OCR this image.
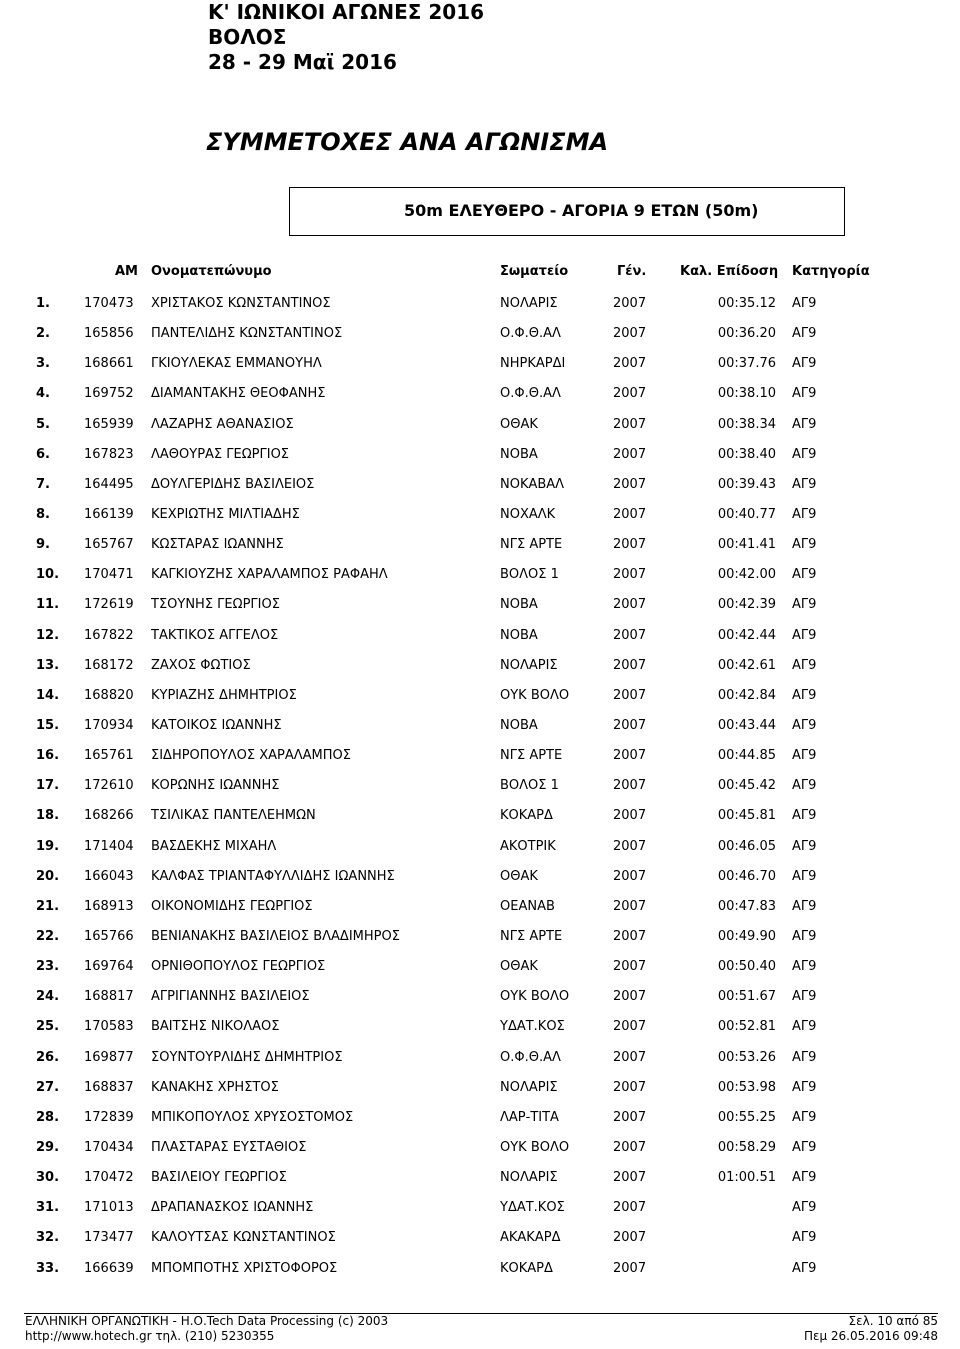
Κ' ΙΩΝΙΚΟΙ ΑΓΩΝΕΣ 2016
ΒΟΛΟΣ
28 - 29 Μαϊ 2016
ΣΥΜΜΕΤΟΧΕΣ ΑΝΑ ΑΓΩΝΙΣΜΑ
50m ΕΛΕΥΘΕΡΟ - ΑΓΟΡΙΑ 9 ΕΤΩΝ (50m)
ΑΜ Ονοματεπώνυμο	Σωματείο	Γέν.	Καλ. Επίδοση Κατηγορία
1.	170473 ΧΡΙΣΤΑΚΟΣ ΚΩΝΣΤΑΝΤΙΝΟΣ	ΝΟΛΑΡΙΣ	2007	00:35.12 ΑΓ9
2.	165856 ΠΑΝΤΕΛΙΔΗΣ ΚΩΝΣΤΑΝΤΙΝΟΣ	Ο.Φ.Θ.ΑΛ	2007	00:36.20 ΑΓ9
3.	168661 ΓΚΙΟΥΛΕΚΑΣ ΕΜΜΑΝΟΥΗΛ	ΝΗΡΚΑΡΔΙ	2007	00:37.76 ΑΓ9
4.	169752 ΔΙΑΜΑΝΤΑΚΗΣ ΘΕΟΦΑΝΗΣ	Ο.Φ.Θ.ΑΛ	2007	00:38.10 ΑΓ9
5.	165939 ΛΑΖΑΡΗΣ ΑΘΑΝΑΣΙΟΣ	ΟΘΑΚ	2007	00:38.34 ΑΓ9
6.	167823 ΛΑΘΟΥΡΑΣ ΓΕΩΡΓΙΟΣ	ΝΟΒΑ	2007	00:38.40 ΑΓ9
7.	164495 ΔΟΥΛΓΕΡΙΔΗΣ ΒΑΣΙΛΕΙΟΣ	ΝΟΚΑΒΑΛ	2007	00:39.43 ΑΓ9
8.	166139 ΚΕΧΡΙΩΤΗΣ ΜΙΛΤΙΑΔΗΣ	ΝΟΧΑΛΚ	2007	00:40.77 ΑΓ9
9.	165767 ΚΩΣΤΑΡΑΣ ΙΩΑΝΝΗΣ	ΝΓΣ ΑΡΤΕ	2007	00:41.41 ΑΓ9
10.	170471 ΚΑΓΚΙΟΥΖΗΣ ΧΑΡΑΛΑΜΠΟΣ ΡΑΦΑΗΛ	ΒΟΛΟΣ 1	2007	00:42.00 ΑΓ9
11.	172619 ΤΣΟΥΝΗΣ ΓΕΩΡΓΙΟΣ	ΝΟΒΑ	2007	00:42.39 ΑΓ9
12.	167822 ΤΑΚΤΙΚΟΣ ΑΓΓΕΛΟΣ	ΝΟΒΑ	2007	00:42.44 ΑΓ9
13.	168172 ΖΑΧΟΣ ΦΩΤΙΟΣ	ΝΟΛΑΡΙΣ	2007	00:42.61 ΑΓ9
14.	168820 ΚΥΡΙΑΖΗΣ ΔΗΜΗΤΡΙΟΣ	ΟΥΚ ΒΟΛΟ	2007	00:42.84 ΑΓ9
15.	170934 ΚΑΤΟΙΚΟΣ ΙΩΑΝΝΗΣ	ΝΟΒΑ	2007	00:43.44 ΑΓ9
16.	165761 ΣΙΔΗΡΟΠΟΥΛΟΣ ΧΑΡΑΛΑΜΠΟΣ	ΝΓΣ ΑΡΤΕ	2007	00:44.85 ΑΓ9
17.	172610 ΚΟΡΩΝΗΣ ΙΩΑΝΝΗΣ	ΒΟΛΟΣ 1	2007	00:45.42 ΑΓ9
18.	168266 ΤΣΙΛΙΚΑΣ ΠΑΝΤΕΛΕΗΜΩΝ	ΚΟΚΑΡΔ	2007	00:45.81 ΑΓ9
19.	171404 ΒΑΣΔΕΚΗΣ ΜΙΧΑΗΛ	ΑΚΟΤΡΙΚ	2007	00:46.05 ΑΓ9
20.	166043 ΚΑΛΦΑΣ ΤΡΙΑΝΤΑΦΥΛΛΙΔΗΣ ΙΩΑΝΝΗΣ	ΟΘΑΚ	2007	00:46.70 ΑΓ9
21.	168913 ΟΙΚΟΝΟΜΙΔΗΣ ΓΕΩΡΓΙΟΣ	ΟΕΑΝΑΒ	2007	00:47.83 ΑΓ9
22.	165766 ΒΕΝΙΑΝΑΚΗΣ ΒΑΣΙΛΕΙΟΣ ΒΛΑΔΙΜΗΡΟΣ	ΝΓΣ ΑΡΤΕ	2007	00:49.90 ΑΓ9
23.	169764 ΟΡΝΙΘΟΠΟΥΛΟΣ ΓΕΩΡΓΙΟΣ	ΟΘΑΚ	2007	00:50.40 ΑΓ9
24.	168817 ΑΓΡΙΓΙΑΝΝΗΣ ΒΑΣΙΛΕΙΟΣ	ΟΥΚ ΒΟΛΟ	2007	00:51.67 ΑΓ9
25.	170583 ΒΑΙΤΣΗΣ ΝΙΚΟΛΑΟΣ	ΥΔΑΤ.ΚΟΣ	2007	00:52.81 ΑΓ9
26.	169877 ΣΟΥΝΤΟΥΡΛΙΔΗΣ ΔΗΜΗΤΡΙΟΣ	Ο.Φ.Θ.ΑΛ	2007	00:53.26 ΑΓ9
27.	168837 ΚΑΝΑΚΗΣ ΧΡΗΣΤΟΣ	ΝΟΛΑΡΙΣ	2007	00:53.98 ΑΓ9
28.	172839 ΜΠΙΚΟΠΟΥΛΟΣ ΧΡΥΣΟΣΤΟΜΟΣ	ΛΑΡ-ΤΙΤΑ	2007	00:55.25 ΑΓ9
29.	170434 ΠΛΑΣΤΑΡΑΣ ΕΥΣΤΑΘΙΟΣ	ΟΥΚ ΒΟΛΟ	2007	00:58.29 ΑΓ9
30.	170472 ΒΑΣΙΛΕΙΟΥ ΓΕΩΡΓΙΟΣ	ΝΟΛΑΡΙΣ	2007	01:00.51 ΑΓ9
31.	171013 ΔΡΑΠΑΝΑΣΚΟΣ ΙΩΑΝΝΗΣ	ΥΔΑΤ.ΚΟΣ	2007	ΑΓ9
32.	173477 ΚΑΛΟΥΤΣΑΣ ΚΩΝΣΤΑΝΤΙΝΟΣ	ΑΚΑΚΑΡΔ	2007	ΑΓ9
33.	166639 ΜΠΟΜΠΟΤΗΣ ΧΡΙΣΤΟΦΟΡΟΣ	ΚΟΚΑΡΔ	2007	ΑΓ9
ΕΛΛΗΝΙΚΗ ΟΡΓΑΝΩΤΙΚΗ - Η.Ο.Tech Data Processing (c) 2003
http://www.hotech.gr τηλ. (210) 5230355
Σελ. 10 από 85
Πεμ 26.05.2016 09:48
